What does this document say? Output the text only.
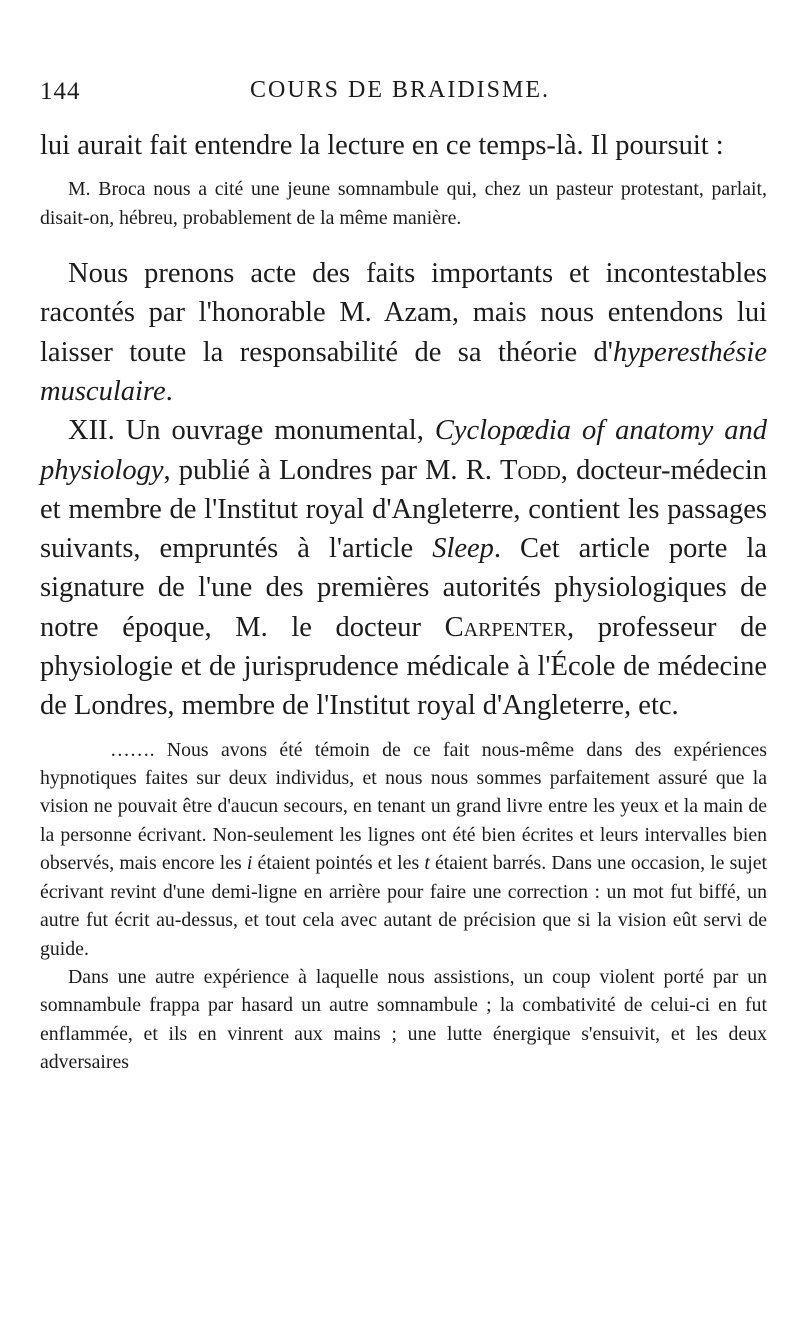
144	COURS DE BRAIDISME.

lui aurait fait entendre la lecture en ce temps-là. Il poursuit :

M. Broca nous a cité une jeune somnambule qui, chez un pasteur protestant, parlait, disait-on, hébreu, probablement de la même manière.

Nous prenons acte des faits importants et incontestables racontés par l'honorable M. Azam, mais nous entendons lui laisser toute la responsabilité de sa théorie d'hyperesthésie musculaire.

XII. Un ouvrage monumental, Cyclopœdia of anatomy and physiology, publié à Londres par M. R. Todd, docteur-médecin et membre de l'Institut royal d'Angleterre, contient les passages suivants, empruntés à l'article Sleep. Cet article porte la signature de l'une des premières autorités physiologiques de notre époque, M. le docteur Carpenter, professeur de physiologie et de jurisprudence médicale à l'École de médecine de Londres, membre de l'Institut royal d'Angleterre, etc.

……. Nous avons été témoin de ce fait nous-même dans des expériences hypnotiques faites sur deux individus, et nous nous sommes parfaitement assuré que la vision ne pouvait être d'aucun secours, en tenant un grand livre entre les yeux et la main de la personne écrivant. Non-seulement les lignes ont été bien écrites et leurs intervalles bien observés, mais encore les i étaient pointés et les t étaient barrés. Dans une occasion, le sujet écrivant revint d'une demi-ligne en arrière pour faire une correction : un mot fut biffé, un autre fut écrit au-dessus, et tout cela avec autant de précision que si la vision eût servi de guide.

Dans une autre expérience à laquelle nous assistions, un coup violent porté par un somnambule frappa par hasard un autre somnambule ; la combativité de celui-ci en fut enflammée, et ils en vinrent aux mains ; une lutte énergique s'ensuivit, et les deux adversaires
